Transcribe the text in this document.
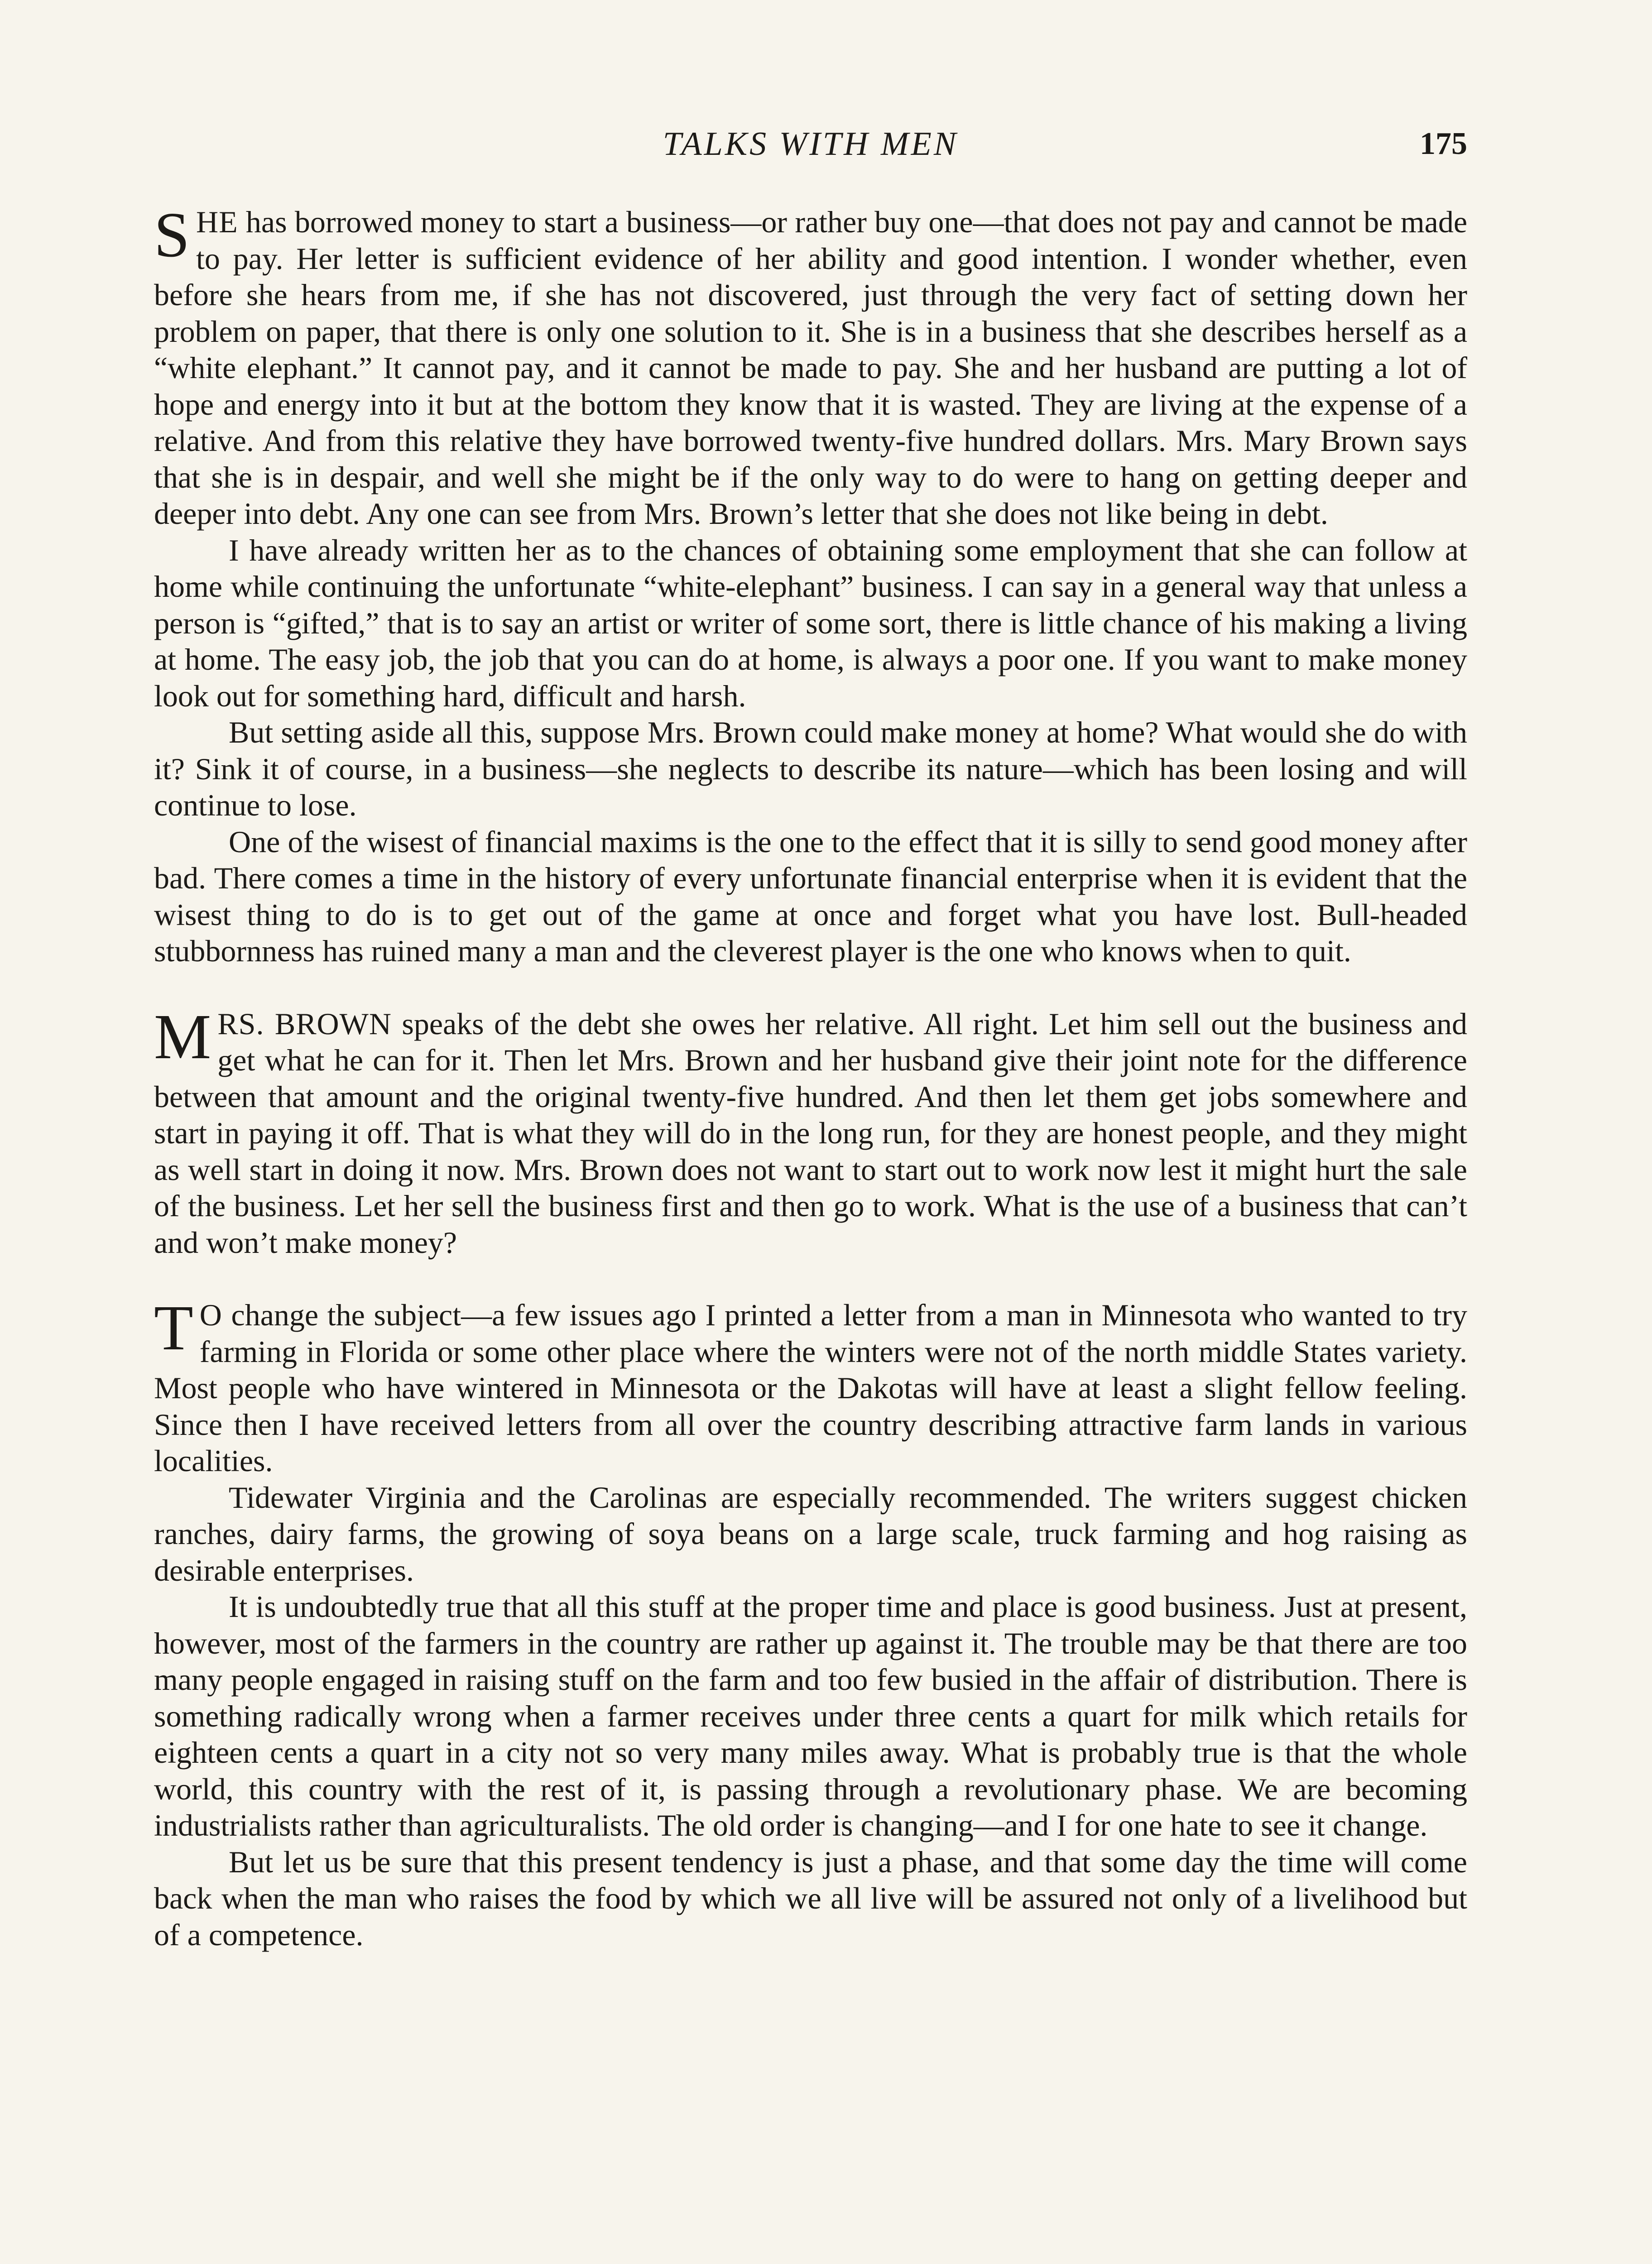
TALKS WITH MEN	175

SHE has borrowed money to start a business—or rather buy one—that does not pay and cannot be made to pay. Her letter is sufficient evidence of her ability and good intention. I wonder whether, even before she hears from me, if she has not discovered, just through the very fact of setting down her problem on paper, that there is only one solution to it. She is in a business that she describes herself as a “white elephant.” It cannot pay, and it cannot be made to pay. She and her husband are putting a lot of hope and energy into it but at the bottom they know that it is wasted. They are living at the expense of a relative. And from this relative they have borrowed twenty-five hundred dollars. Mrs. Mary Brown says that she is in despair, and well she might be if the only way to do were to hang on getting deeper and deeper into debt. Any one can see from Mrs. Brown’s letter that she does not like being in debt.

I have already written her as to the chances of obtaining some employment that she can follow at home while continuing the unfortunate “white-elephant” business. I can say in a general way that unless a person is “gifted,” that is to say an artist or writer of some sort, there is little chance of his making a living at home. The easy job, the job that you can do at home, is always a poor one. If you want to make money look out for something hard, difficult and harsh.

But setting aside all this, suppose Mrs. Brown could make money at home? What would she do with it? Sink it of course, in a business—she neglects to describe its nature—which has been losing and will continue to lose.

One of the wisest of financial maxims is the one to the effect that it is silly to send good money after bad. There comes a time in the history of every unfortunate financial enterprise when it is evident that the wisest thing to do is to get out of the game at once and forget what you have lost. Bull-headed stubbornness has ruined many a man and the cleverest player is the one who knows when to quit.

MRS. BROWN speaks of the debt she owes her relative. All right. Let him sell out the business and get what he can for it. Then let Mrs. Brown and her husband give their joint note for the difference between that amount and the original twenty-five hundred. And then let them get jobs somewhere and start in paying it off. That is what they will do in the long run, for they are honest people, and they might as well start in doing it now. Mrs. Brown does not want to start out to work now lest it might hurt the sale of the business. Let her sell the business first and then go to work. What is the use of a business that can’t and won’t make money?

T O change the subject—a few issues ago I printed a letter from a man in Minnesota who wanted to try farming in Florida or some other place where the winters were not of the north middle States variety. Most people who have wintered in Minnesota or the Dakotas will have at least a slight fellow feeling. Since then I have received letters from all over the country describing attractive farm lands in various localities.

Tidewater Virginia and the Carolinas are especially recommended. The writers suggest chicken ranches, dairy farms, the growing of soya beans on a large scale, truck farming and hog raising as desirable enterprises.

It is undoubtedly true that all this stuff at the proper time and place is good business. Just at present, however, most of the farmers in the country are rather up against it. The trouble may be that there are too many people engaged in raising stuff on the farm and too few busied in the affair of distribution. There is something radically wrong when a farmer receives under three cents a quart for milk which retails for eighteen cents a quart in a city not so very many miles away. What is probably true is that the whole world, this country with the rest of it, is passing through a revolutionary phase. We are becoming industrialists rather than agriculturalists. The old order is changing—and I for one hate to see it change.

But let us be sure that this present tendency is just a phase, and that some day the time will come back when the man who raises the food by which we all live will be assured not only of a livelihood but of a competence.
